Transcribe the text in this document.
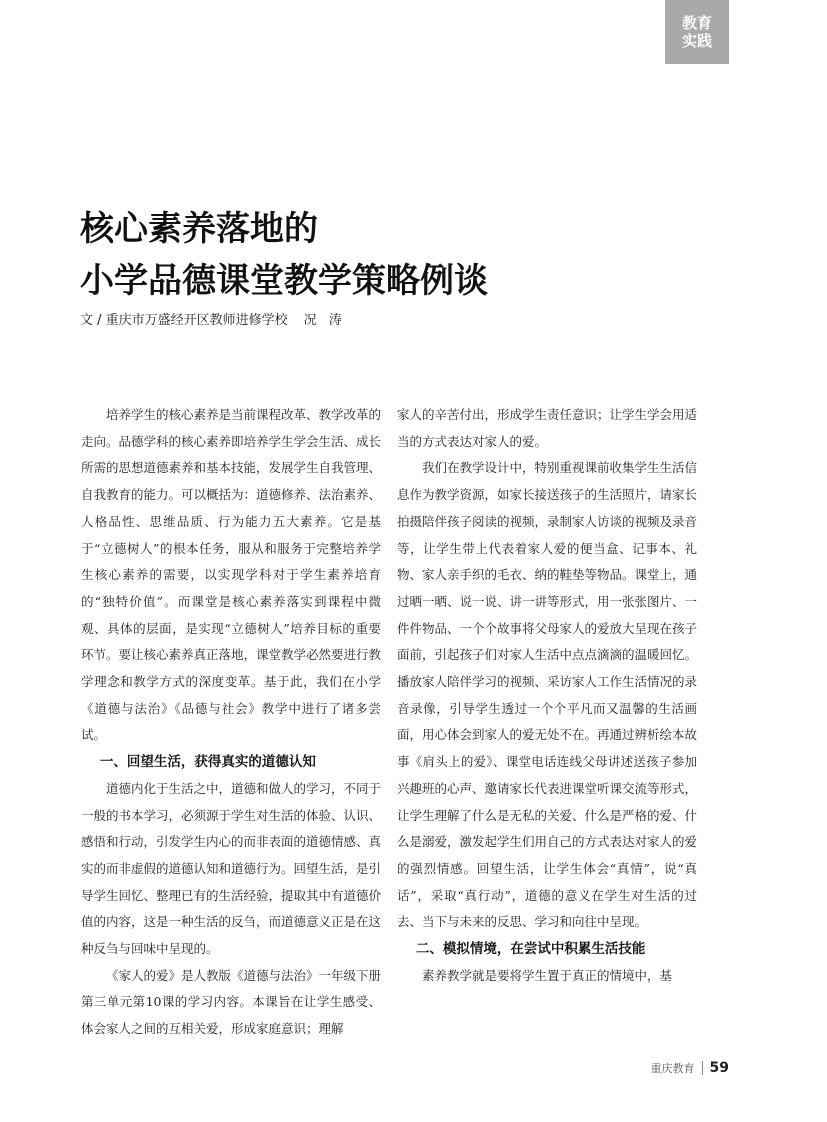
教育
实践
核心素养落地的
小学品德课堂教学策略例谈
文 / 重庆市万盛经开区教师进修学校 况 涛

培养学生的核心素养是当前课程改革、教学改革的走向。品德学科的核心素养即培养学生学会生活、成长所需的思想道德素养和基本技能，发展学生自我管理、自我教育的能力。可以概括为：道德修养、法治素养、人格品性、思维品质、行为能力五大素养。它是基于“立德树人”的根本任务，服从和服务于完整培养学生核心素养的需要，以实现学科对于学生素养培育的“独特价值”。而课堂是核心素养落实到课程中微观、具体的层面，是实现“立德树人”培养目标的重要环节。要让核心素养真正落地，课堂教学必然要进行教学理念和教学方式的深度变革。基于此，我们在小学《道德与法治》《品德与社会》教学中进行了诸多尝试。

一、回望生活，获得真实的道德认知

道德内化于生活之中，道德和做人的学习，不同于一般的书本学习，必须源于学生对生活的体验、认识、感悟和行动，引发学生内心的而非表面的道德情感、真实的而非虚假的道德认知和道德行为。回望生活，是引导学生回忆、整理已有的生活经验，提取其中有道德价值的内容，这是一种生活的反刍，而道德意义正是在这种反刍与回味中呈现的。

《家人的爱》是人教版《道德与法治》一年级下册第三单元第10课的学习内容。本课旨在让学生感受、体会家人之间的互相关爱，形成家庭意识；理解

家人的辛苦付出，形成学生责任意识；让学生学会用适当的方式表达对家人的爱。

我们在教学设计中，特别重视课前收集学生生活信息作为教学资源，如家长接送孩子的生活照片，请家长拍摄陪伴孩子阅读的视频，录制家人访谈的视频及录音等，让学生带上代表着家人爱的便当盒、记事本、礼物、家人亲手织的毛衣、纳的鞋垫等物品。课堂上，通过晒一晒、说一说、讲一讲等形式，用一张张图片、一件件物品、一个个故事将父母家人的爱放大呈现在孩子面前，引起孩子们对家人生活中点点滴滴的温暖回忆。播放家人陪伴学习的视频、采访家人工作生活情况的录音录像，引导学生透过一个个平凡而又温馨的生活画面，用心体会到家人的爱无处不在。再通过辨析绘本故事《肩头上的爱》、课堂电话连线父母讲述送孩子参加兴趣班的心声、邀请家长代表进课堂听课交流等形式，让学生理解了什么是无私的关爱、什么是严格的爱、什么是溺爱，激发起学生们用自己的方式表达对家人的爱的强烈情感。回望生活，让学生体会“真情”，说“真话”，采取“真行动”，道德的意义在学生对生活的过去、当下与未来的反思、学习和向往中呈现。

二、模拟情境，在尝试中积累生活技能

素养教学就是要将学生置于真正的情境中，基

重庆教育 59
